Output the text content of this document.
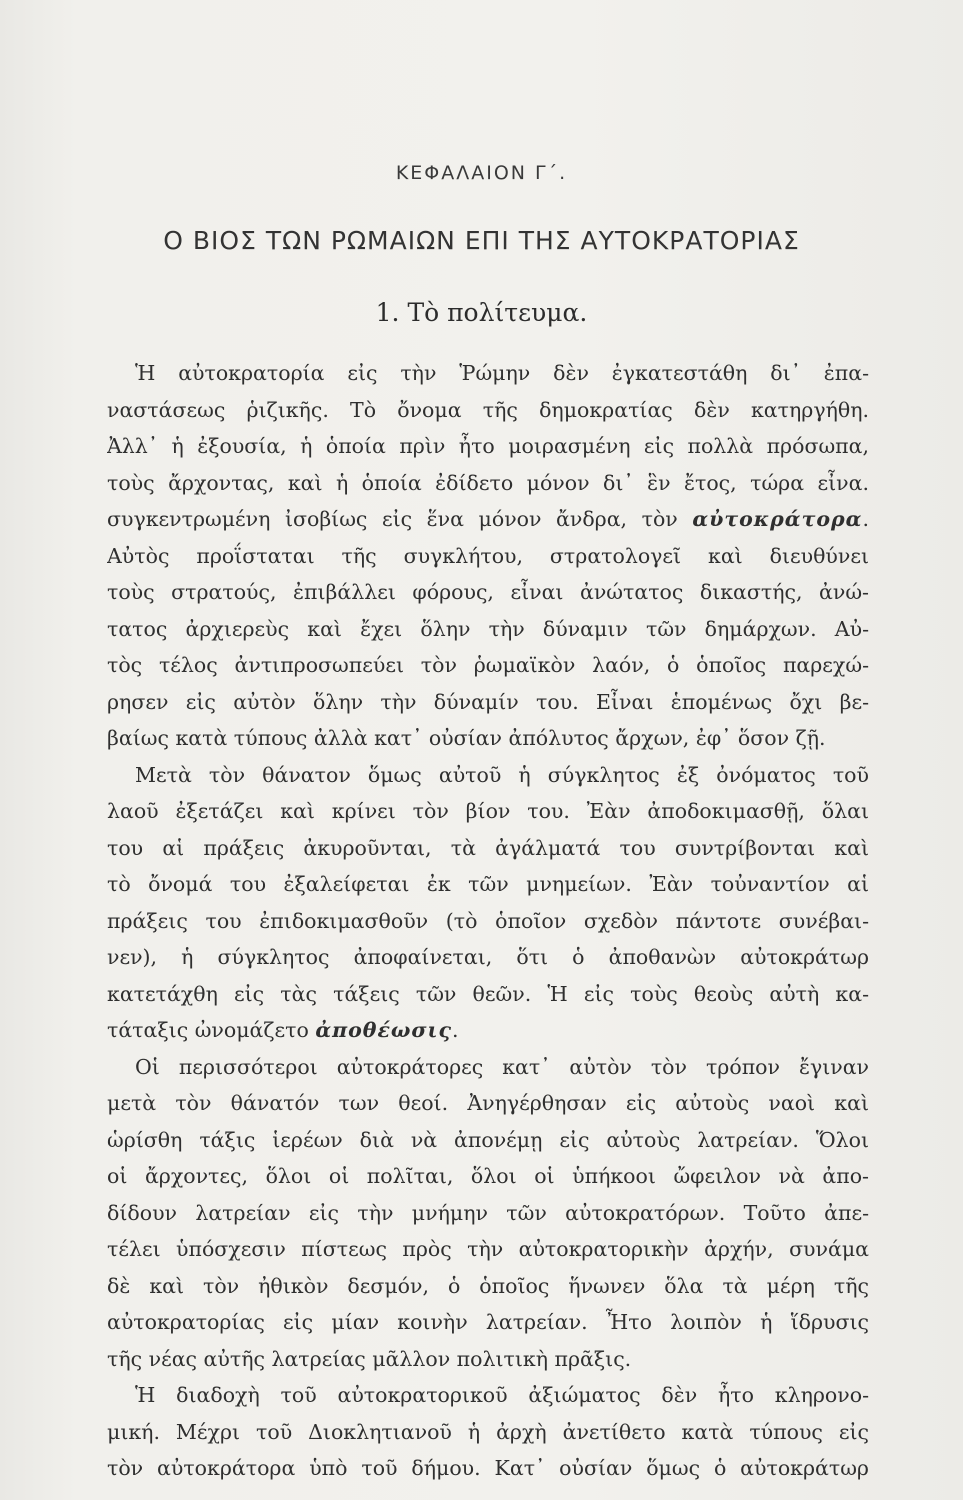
ΚΕΦΑΛΑΙΟΝ Γ΄.
Ο ΒΙΟΣ ΤΩΝ ΡΩΜΑΙΩΝ ΕΠΙ ΤΗΣ ΑΥΤΟΚΡΑΤΟΡΙΑΣ
1. Τὸ πολίτευμα.
Ἡ αὐτοκρατορία εἰς τὴν Ῥώμην δὲν ἐγκατεστάθη δι᾽ ἐπα-
ναστάσεως ῥιζικῆς. Τὸ ὄνομα τῆς δημοκρατίας δὲν κατηργήθη.
Ἀλλ᾽ ἡ ἐξουσία, ἡ ὁποία πρὶν ἦτο μοιρασμένη εἰς πολλὰ πρόσωπα,
τοὺς ἄρχοντας, καὶ ἡ ὁποία ἐδίδετο μόνον δι᾽ ἓν ἔτος, τώρα εἶνα.
συγκεντρωμένη ἰσοβίως εἰς ἕνα μόνον ἄνδρα, τὸν αὐτοκράτορα.
Αὐτὸς προΐσταται τῆς συγκλήτου, στρατολογεῖ καὶ διευθύνει
τοὺς στρατούς, ἐπιβάλλει φόρους, εἶναι ἀνώτατος δικαστής, ἀνώ-
τατος ἀρχιερεὺς καὶ ἔχει ὅλην τὴν δύναμιν τῶν δημάρχων. Αὐ-
τὸς τέλος ἀντιπροσωπεύει τὸν ῥωμαϊκὸν λαόν, ὁ ὁποῖος παρεχώ-
ρησεν εἰς αὐτὸν ὅλην τὴν δύναμίν του. Εἶναι ἑπομένως ὄχι βε-
βαίως κατὰ τύπους ἀλλὰ κατ᾽ οὐσίαν ἀπόλυτος ἄρχων, ἐφ᾽ ὅσον ζῇ.
Μετὰ τὸν θάνατον ὅμως αὐτοῦ ἡ σύγκλητος ἐξ ὀνόματος τοῦ
λαοῦ ἐξετάζει καὶ κρίνει τὸν βίον του. Ἐὰν ἀποδοκιμασθῇ, ὅλαι
του αἱ πράξεις ἀκυροῦνται, τὰ ἀγάλματά του συντρίβονται καὶ
τὸ ὄνομά του ἐξαλείφεται ἐκ τῶν μνημείων. Ἐὰν τοὐναντίον αἱ
πράξεις του ἐπιδοκιμασθοῦν (τὸ ὁποῖον σχεδὸν πάντοτε συνέβαι-
νεν), ἡ σύγκλητος ἀποφαίνεται, ὅτι ὁ ἀποθανὼν αὐτοκράτωρ
κατετάχθη εἰς τὰς τάξεις τῶν θεῶν. Ἡ εἰς τοὺς θεοὺς αὐτὴ κα-
τάταξις ὠνομάζετο ἀποθέωσις.
Οἱ περισσότεροι αὐτοκράτορες κατ᾽ αὐτὸν τὸν τρόπον ἔγιναν
μετὰ τὸν θάνατόν των θεοί. Ἀνηγέρθησαν εἰς αὐτοὺς ναοὶ καὶ
ὡρίσθη τάξις ἱερέων διὰ νὰ ἀπονέμῃ εἰς αὐτοὺς λατρείαν. Ὅλοι
οἱ ἄρχοντες, ὅλοι οἱ πολῖται, ὅλοι οἱ ὑπήκοοι ὤφειλον νὰ ἀπο-
δίδουν λατρείαν εἰς τὴν μνήμην τῶν αὐτοκρατόρων. Τοῦτο ἀπε-
τέλει ὑπόσχεσιν πίστεως πρὸς τὴν αὐτοκρατορικὴν ἀρχήν, συνάμα
δὲ καὶ τὸν ἠθικὸν δεσμόν, ὁ ὁποῖος ἥνωνεν ὅλα τὰ μέρη τῆς
αὐτοκρατορίας εἰς μίαν κοινὴν λατρείαν. Ἦτο λοιπὸν ἡ ἵδρυσις
τῆς νέας αὐτῆς λατρείας μᾶλλον πολιτικὴ πρᾶξις.
Ἡ διαδοχὴ τοῦ αὐτοκρατορικοῦ ἀξιώματος δὲν ἦτο κληρονο-
μική. Μέχρι τοῦ Διοκλητιανοῦ ἡ ἀρχὴ ἀνετίθετο κατὰ τύπους εἰς
τὸν αὐτοκράτορα ὑπὸ τοῦ δήμου. Κατ᾽ οὐσίαν ὅμως ὁ αὐτοκράτωρ
